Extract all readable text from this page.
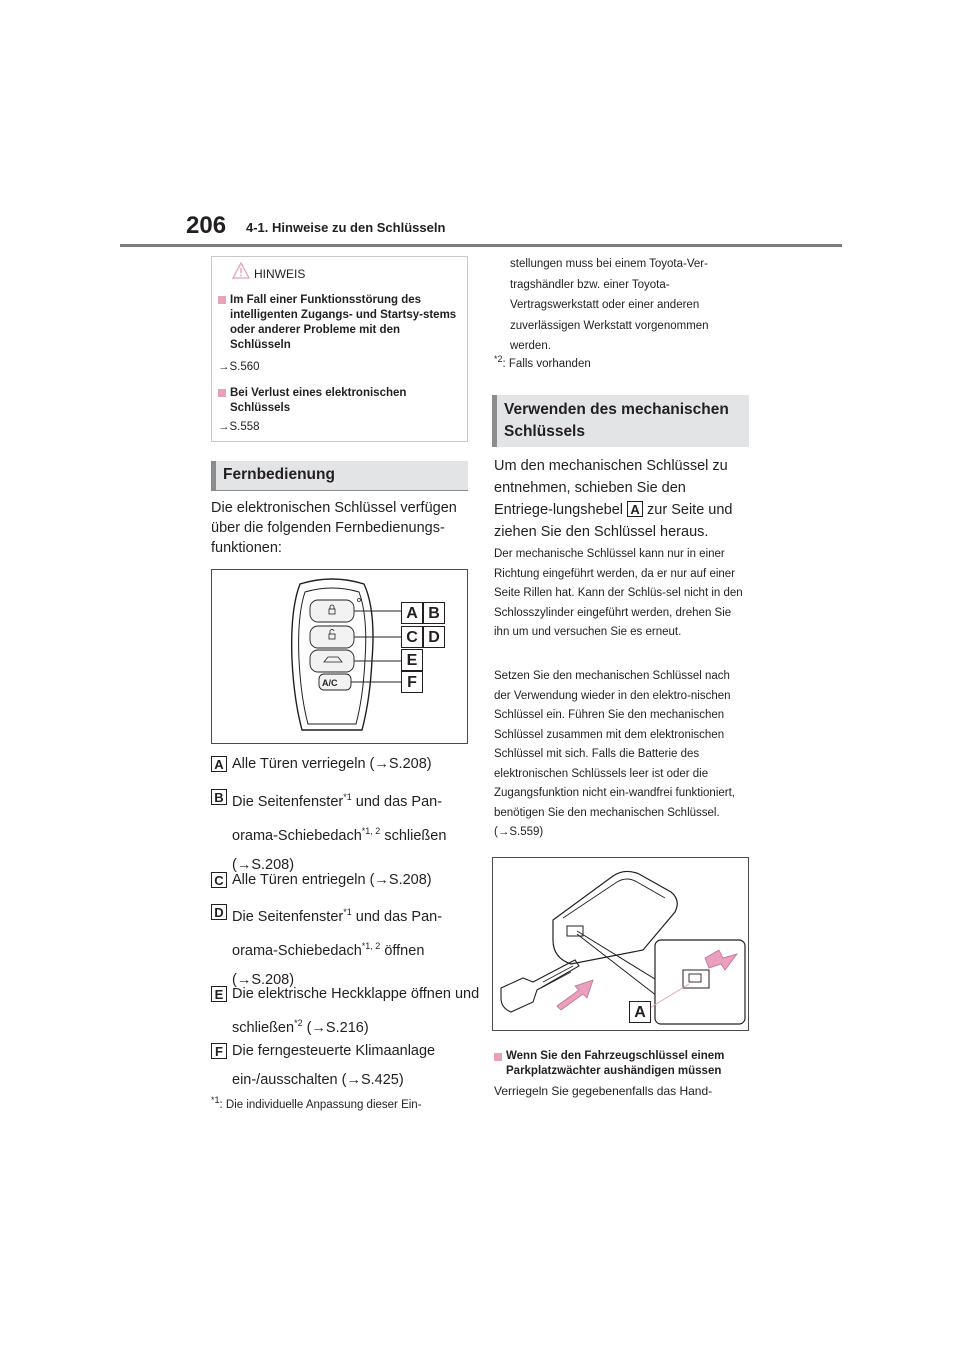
206 4-1. Hinweise zu den Schlüsseln
HINWEIS
Im Fall einer Funktionsstörung des intelligenten Zugangs- und Startsy-stems oder anderer Probleme mit den Schlüsseln
→S.560
Bei Verlust eines elektronischen Schlüssels
→S.558
Fernbedienung
Die elektronischen Schlüssel verfügen über die folgenden Fernbedienungs-funktionen:
A/C
A B
C D
E
F
A Alle Türen verriegeln (→S.208)
B Die Seitenfenster$^{*1}$ und das Pan-orama-Schiebedach$^{*1, 2}$ schließen (→S.208)
C Alle Türen entriegeln (→S.208)
D Die Seitenfenster$^{*1}$ und das Pan-orama-Schiebedach$^{*1, 2}$ öffnen (→S.208)
E Die elektrische Heckklappe öffnen und schließen$^{*2}$ (→S.216)
F Die ferngesteuerte Klimaanlage ein-/ausschalten (→S.425)
$^{*1}$: Die individuelle Anpassung dieser Ein-
stellungen muss bei einem Toyota-Ver-tragshändler bzw. einer Toyota-Vertragswerkstatt oder einer anderen zuverlässigen Werkstatt vorgenommen werden.
$^{*2}$: Falls vorhanden
Verwenden des mechanischen Schlüssels
Um den mechanischen Schlüssel zu entnehmen, schieben Sie den Entriege-lungshebel A zur Seite und ziehen Sie den Schlüssel heraus.
Der mechanische Schlüssel kann nur in einer Richtung eingeführt werden, da er nur auf einer Seite Rillen hat. Kann der Schlüs-sel nicht in den Schlosszylinder eingeführt werden, drehen Sie ihn um und versuchen Sie es erneut.
Setzen Sie den mechanischen Schlüssel nach der Verwendung wieder in den elektro-nischen Schlüssel ein. Führen Sie den mechanischen Schlüssel zusammen mit dem elektronischen Schlüssel mit sich. Falls die Batterie des elektronischen Schlüssels leer ist oder die Zugangsfunktion nicht ein-wandfrei funktioniert, benötigen Sie den mechanischen Schlüssel. (→S.559)
A
Wenn Sie den Fahrzeugschlüssel einem Parkplatzwächter aushändigen müssen
Verriegeln Sie gegebenenfalls das Hand-
